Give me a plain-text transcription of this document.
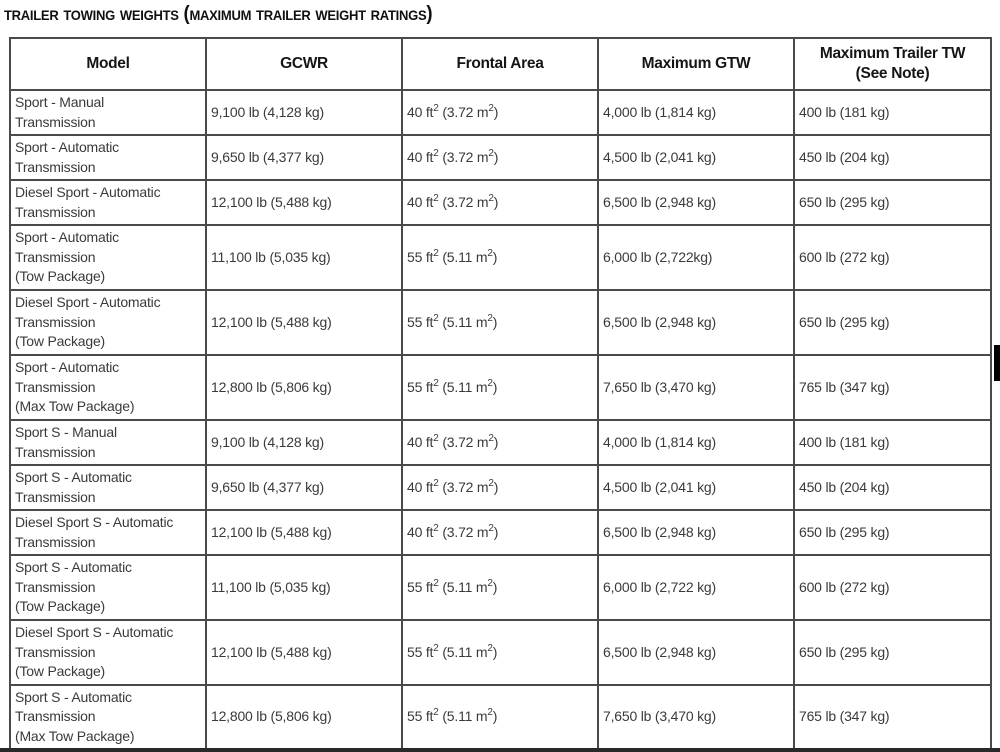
trailer towing weights (maximum trailer weight ratings)
Model	GCWR	Frontal Area	Maximum GTW	Maximum Trailer TW
(See Note)
Sport - Manual
Transmission	9,100 lb (4,128 kg)	40 $ft^2$ (3.72 $m^2$)	4,000 lb (1,814 kg)	400 lb (181 kg)
Sport - Automatic
Transmission	9,650 lb (4,377 kg)	40 $ft^2$ (3.72 $m^2$)	4,500 lb (2,041 kg)	450 lb (204 kg)
Diesel Sport - Automatic
Transmission	12,100 lb (5,488 kg)	40 $ft^2$ (3.72 $m^2$)	6,500 lb (2,948 kg)	650 lb (295 kg)
Sport - Automatic
Transmission
(Tow Package)	11,100 lb (5,035 kg)	55 $ft^2$ (5.11 $m^2$)	6,000 lb (2,722kg)	600 lb (272 kg)
Diesel Sport - Automatic
Transmission
(Tow Package)	12,100 lb (5,488 kg)	55 $ft^2$ (5.11 $m^2$)	6,500 lb (2,948 kg)	650 lb (295 kg)
Sport - Automatic
Transmission
(Max Tow Package)	12,800 lb (5,806 kg)	55 $ft^2$ (5.11 $m^2$)	7,650 lb (3,470 kg)	765 lb (347 kg)
Sport S - Manual
Transmission	9,100 lb (4,128 kg)	40 $ft^2$ (3.72 $m^2$)	4,000 lb (1,814 kg)	400 lb (181 kg)
Sport S - Automatic
Transmission	9,650 lb (4,377 kg)	40 $ft^2$ (3.72 $m^2$)	4,500 lb (2,041 kg)	450 lb (204 kg)
Diesel Sport S - Automatic
Transmission	12,100 lb (5,488 kg)	40 $ft^2$ (3.72 $m^2$)	6,500 lb (2,948 kg)	650 lb (295 kg)
Sport S - Automatic
Transmission
(Tow Package)	11,100 lb (5,035 kg)	55 $ft^2$ (5.11 $m^2$)	6,000 lb (2,722 kg)	600 lb (272 kg)
Diesel Sport S - Automatic
Transmission
(Tow Package)	12,100 lb (5,488 kg)	55 $ft^2$ (5.11 $m^2$)	6,500 lb (2,948 kg)	650 lb (295 kg)
Sport S - Automatic
Transmission
(Max Tow Package)	12,800 lb (5,806 kg)	55 $ft^2$ (5.11 $m^2$)	7,650 lb (3,470 kg)	765 lb (347 kg)
